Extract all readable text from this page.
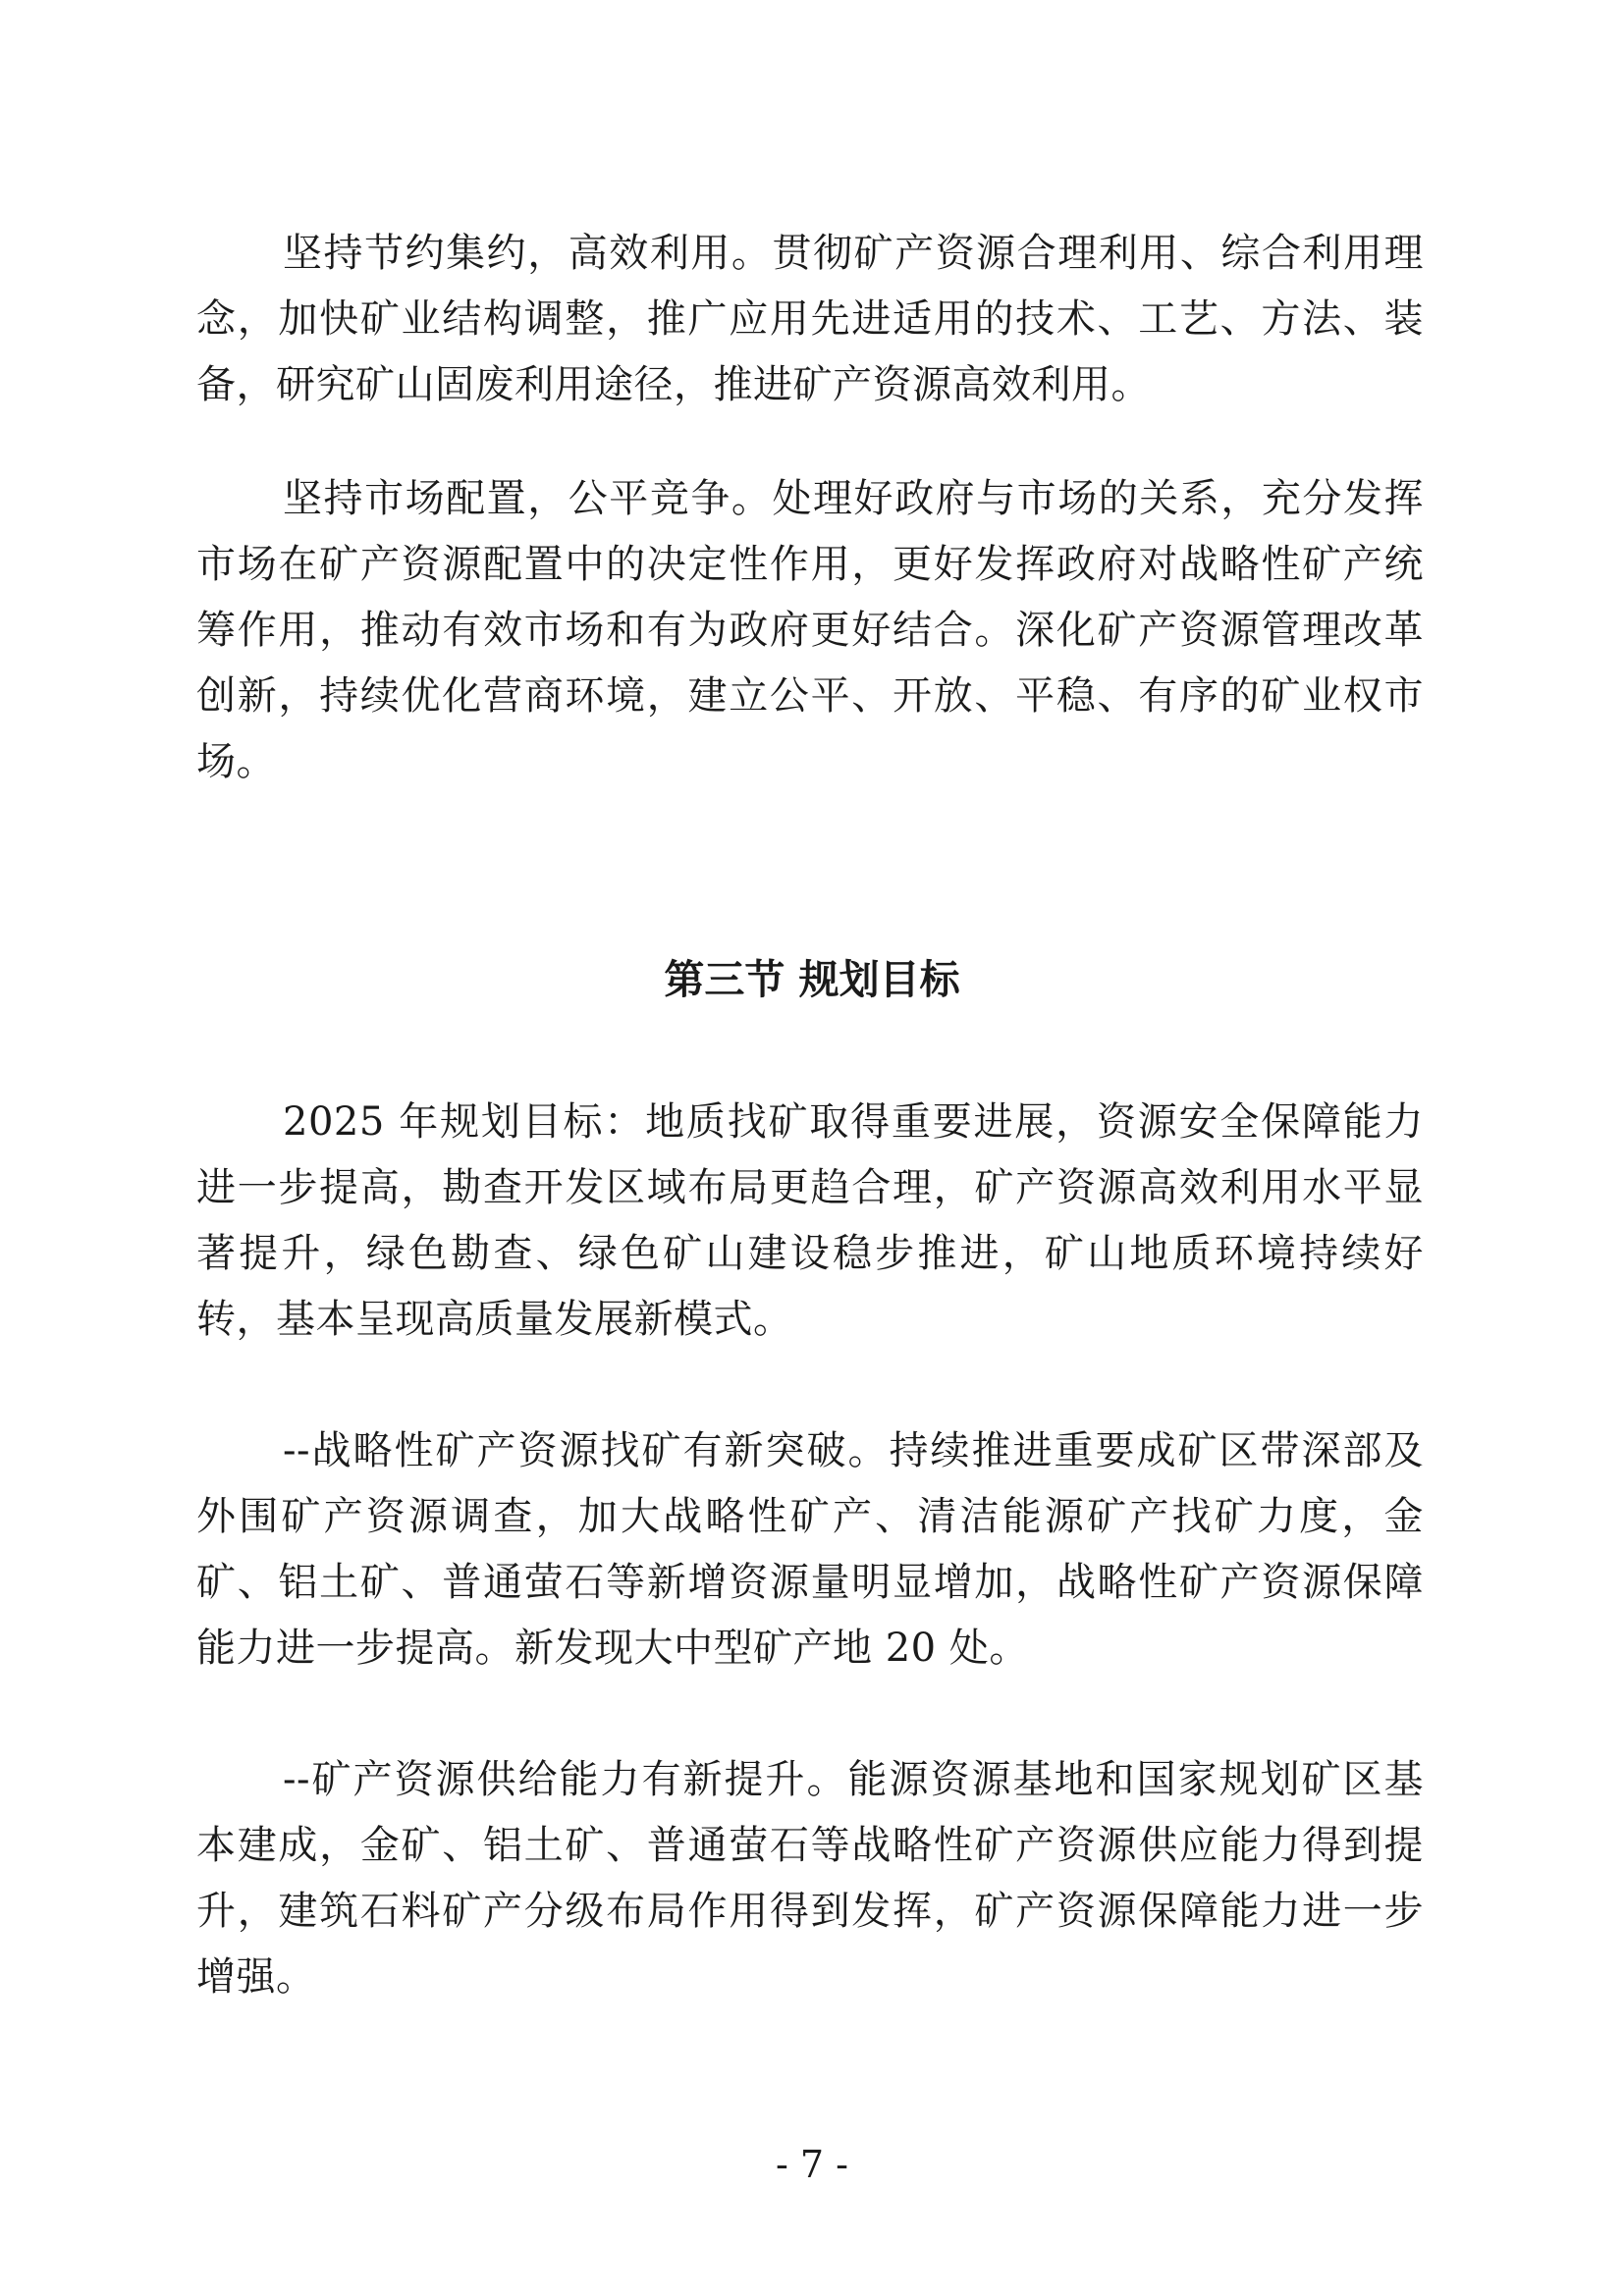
坚持节约集约，高效利用。贯彻矿产资源合理利用、综合利用理念，加快矿业结构调整，推广应用先进适用的技术、工艺、方法、装备，研究矿山固废利用途径，推进矿产资源高效利用。

坚持市场配置，公平竞争。处理好政府与市场的关系，充分发挥市场在矿产资源配置中的决定性作用，更好发挥政府对战略性矿产统筹作用，推动有效市场和有为政府更好结合。深化矿产资源管理改革创新，持续优化营商环境，建立公平、开放、平稳、有序的矿业权市场。

第三节 规划目标

2025 年规划目标：地质找矿取得重要进展，资源安全保障能力进一步提高，勘查开发区域布局更趋合理，矿产资源高效利用水平显著提升，绿色勘查、绿色矿山建设稳步推进，矿山地质环境持续好转，基本呈现高质量发展新模式。

--战略性矿产资源找矿有新突破。持续推进重要成矿区带深部及外围矿产资源调查，加大战略性矿产、清洁能源矿产找矿力度，金矿、铝土矿、普通萤石等新增资源量明显增加，战略性矿产资源保障能力进一步提高。新发现大中型矿产地 20 处。

--矿产资源供给能力有新提升。能源资源基地和国家规划矿区基本建成，金矿、铝土矿、普通萤石等战略性矿产资源供应能力得到提升，建筑石料矿产分级布局作用得到发挥，矿产资源保障能力进一步增强。

- 7 -
